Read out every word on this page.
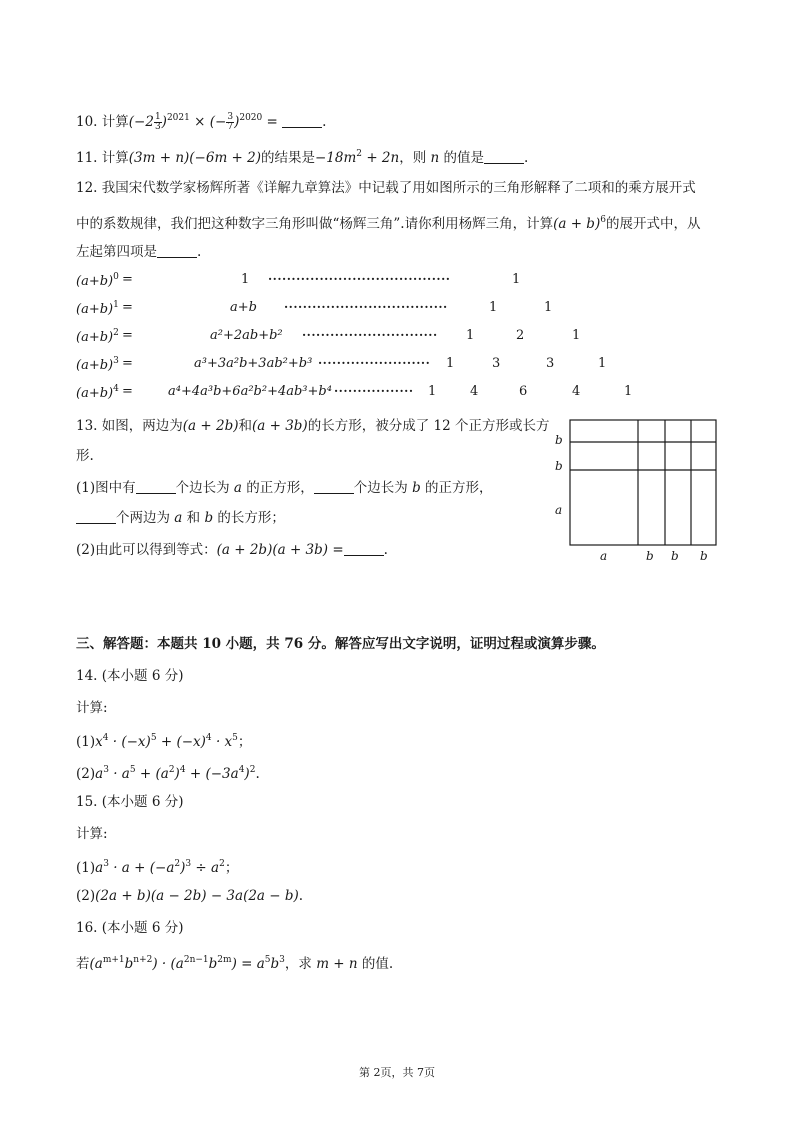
10. 计算$(-2 \frac{1}{3} )^{2021}$ × (− $\frac{3}{7} )^{2020}$ =	.
11. 计算(3m + n)(−6m + 2)的结果是$-18m^2 + 2n$，则 n 的值是	.
12. 我国宋代数学家杨辉所著《详解九章算法》中记载了用如图所示的三角形解释了二项和的乘方展开式
中的系数规律，我们把这种数字三角形叫做“杨辉三角”.请你利用杨辉三角，计算$(a + b)^6$的展开式中，从
左起第四项是	.
$(a+b)^0$ =	1 ·······································	1
$(a+b)^1$ =	a+b ···································	1	1
$(a+b)^2$ =	a²+2ab+b² ····························· 1	2	1
$(a+b)^3$ =	a³+3a²b+3ab²+b³ ························ 1	3	3	1
$(a+b)^4$ =	a⁴+4a³b+6a²b²+4ab³+b⁴ ················· 1	4	6	4	1
13. 如图，两边为(a + 2b)和(a + 3b)的长方形，被分成了 12 个正方形或长方
形.
(1)图中有	个边长为 a 的正方形，	个边长为 b 的正方形，
个两边为 a 和 b 的长方形；
(2)由此可以得到等式：(a + 2b)(a + 3b) =	.
b
b
a
a	b b b
三、解答题：本题共 10 小题，共 76 分。解答应写出文字说明，证明过程或演算步骤。
14. (本小题 6 分)
计算:
$(1)x^4 \cdot (-x)^5 + (-x)^4 \cdot x^5$；
$(2)a^3 \cdot a^5 + (a^2)^4 + (-3a^4)^2$.
15. (本小题 6 分)
计算:
$(1)a^3 \cdot a + (-a^2)^3 \div a^2$；
(2)(2a + b)(a − 2b) − 3a(2a − b).
16. (本小题 6 分)
若$(a^{m+1}b^{n+2}) \cdot (a^{2n-1}b^{2m}) = a^5b^3$，求 m + n 的值.
第 2页，共 7页
